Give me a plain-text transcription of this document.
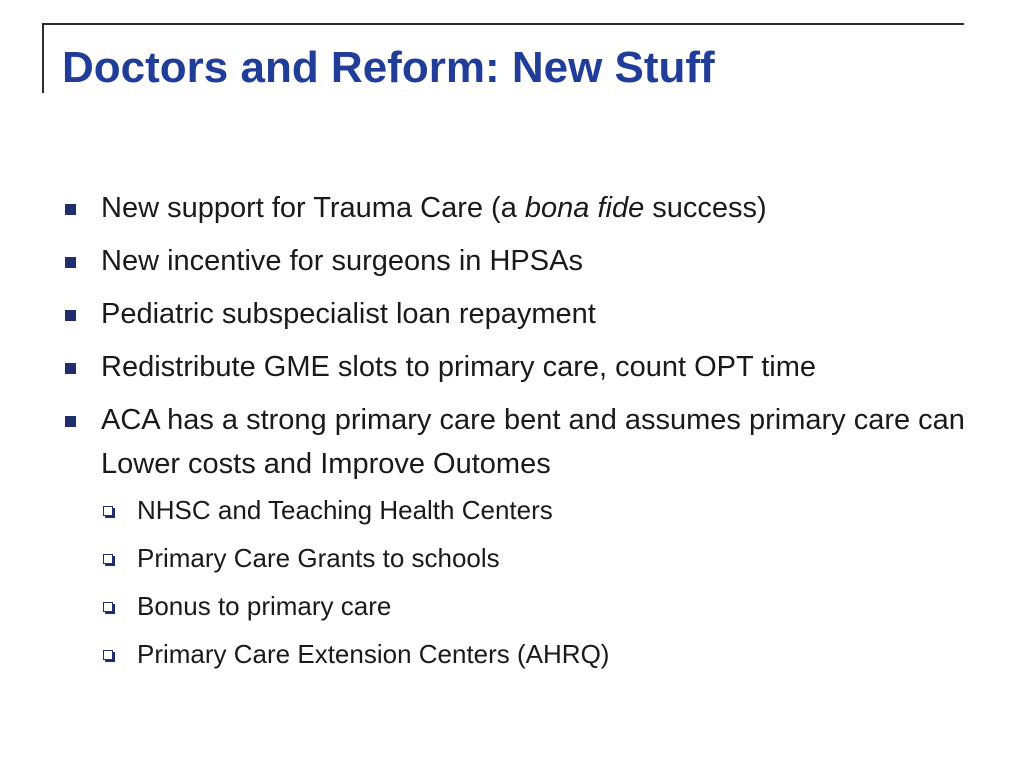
Doctors and Reform: New Stuff
New support for Trauma Care (a bona fide success)
New incentive for surgeons in HPSAs
Pediatric subspecialist loan repayment
Redistribute GME slots to primary care, count OPT time
ACA has a strong primary care bent and assumes primary care can Lower costs and Improve Outomes
NHSC and Teaching Health Centers
Primary Care Grants to schools
Bonus to primary care
Primary Care Extension Centers (AHRQ)
